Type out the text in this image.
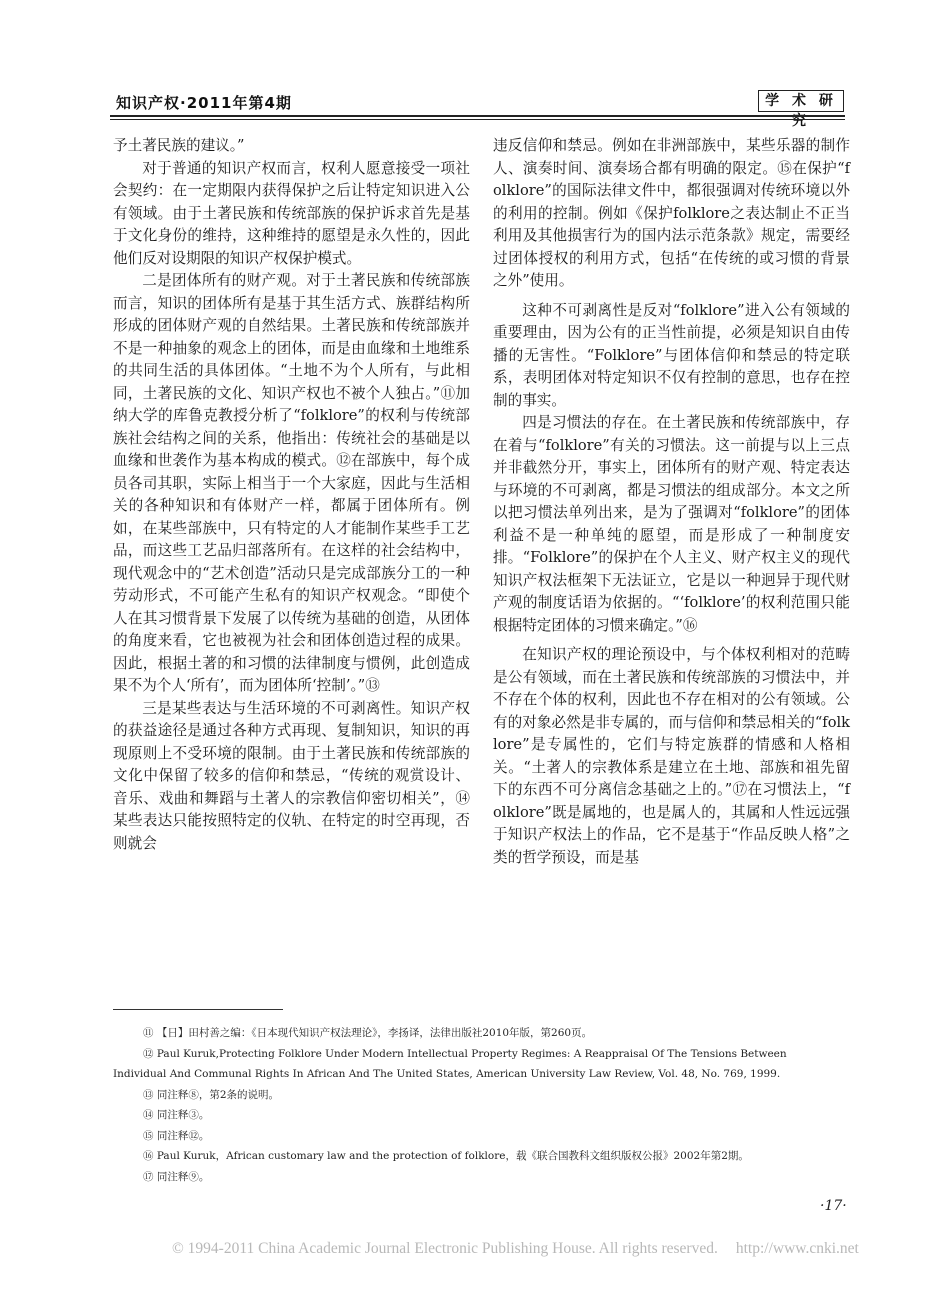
知识产权·2011年第4期	学 术 研 究

予土著民族的建议。”

对于普通的知识产权而言，权利人愿意接受一项社会契约：在一定期限内获得保护之后让特定知识进入公有领域。由于土著民族和传统部族的保护诉求首先是基于文化身份的维持，这种维持的愿望是永久性的，因此他们反对设期限的知识产权保护模式。

二是团体所有的财产观。对于土著民族和传统部族而言，知识的团体所有是基于其生活方式、族群结构所形成的团体财产观的自然结果。土著民族和传统部族并不是一种抽象的观念上的团体，而是由血缘和土地维系的共同生活的具体团体。“土地不为个人所有，与此相同，土著民族的文化、知识产权也不被个人独占。”⑪加纳大学的库鲁克教授分析了“folklore”的权利与传统部族社会结构之间的关系，他指出：传统社会的基础是以血缘和世袭作为基本构成的模式。⑫在部族中，每个成员各司其职，实际上相当于一个大家庭，因此与生活相关的各种知识和有体财产一样，都属于团体所有。例如，在某些部族中，只有特定的人才能制作某些手工艺品，而这些工艺品归部落所有。在这样的社会结构中，现代观念中的“艺术创造”活动只是完成部族分工的一种劳动形式，不可能产生私有的知识产权观念。“即使个人在其习惯背景下发展了以传统为基础的创造，从团体的角度来看，它也被视为社会和团体创造过程的成果。因此，根据土著的和习惯的法律制度与惯例，此创造成果不为个人‘所有’，而为团体所‘控制’。”⑬

三是某些表达与生活环境的不可剥离性。知识产权的获益途径是通过各种方式再现、复制知识，知识的再现原则上不受环境的限制。由于土著民族和传统部族的文化中保留了较多的信仰和禁忌，“传统的观赏设计、音乐、戏曲和舞蹈与土著人的宗教信仰密切相关”，⑭某些表达只能按照特定的仪轨、在特定的时空再现，否则就会

违反信仰和禁忌。例如在非洲部族中，某些乐器的制作人、演奏时间、演奏场合都有明确的限定。⑮在保护“folklore”的国际法律文件中，都很强调对传统环境以外的利用的控制。例如《保护folklore之表达制止不正当利用及其他损害行为的国内法示范条款》规定，需要经过团体授权的利用方式，包括“在传统的或习惯的背景之外”使用。

这种不可剥离性是反对“folklore”进入公有领域的重要理由，因为公有的正当性前提，必须是知识自由传播的无害性。“Folklore”与团体信仰和禁忌的特定联系，表明团体对特定知识不仅有控制的意思，也存在控制的事实。

四是习惯法的存在。在土著民族和传统部族中，存在着与“folklore”有关的习惯法。这一前提与以上三点并非截然分开，事实上，团体所有的财产观、特定表达与环境的不可剥离，都是习惯法的组成部分。本文之所以把习惯法单列出来，是为了强调对“folklore”的团体利益不是一种单纯的愿望，而是形成了一种制度安排。“Folklore”的保护在个人主义、财产权主义的现代知识产权法框架下无法证立，它是以一种迥异于现代财产观的制度话语为依据的。“‘folklore’的权利范围只能根据特定团体的习惯来确定。”⑯

在知识产权的理论预设中，与个体权利相对的范畴是公有领域，而在土著民族和传统部族的习惯法中，并不存在个体的权利，因此也不存在相对的公有领域。公有的对象必然是非专属的，而与信仰和禁忌相关的“folklore”是专属性的，它们与特定族群的情感和人格相关。“土著人的宗教体系是建立在土地、部族和祖先留下的东西不可分离信念基础之上的。”⑰在习惯法上，“folklore”既是属地的，也是属人的，其属和人性远远强于知识产权法上的作品，它不是基于“作品反映人格”之类的哲学预设，而是基

⑪ 【日】田村善之编：《日本现代知识产权法理论》，李扬译，法律出版社2010年版，第260页。

⑫ Paul Kuruk,Protecting Folklore Under Modern Intellectual Property Regimes: A Reappraisal Of The Tensions Between

Individual And Communal Rights In African And The United States, American University Law Review, Vol. 48, No. 769, 1999.

⑬ 同注释⑧，第2条的说明。

⑭ 同注释③。

⑮ 同注释⑫。

⑯ Paul Kuruk，African customary law and the protection of folklore，载《联合国教科文组织版权公报》2002年第2期。

⑰ 同注释⑨。

·17·
© 1994-2011 China Academic Journal Electronic Publishing House. All rights reserved. http://www.cnki.net
